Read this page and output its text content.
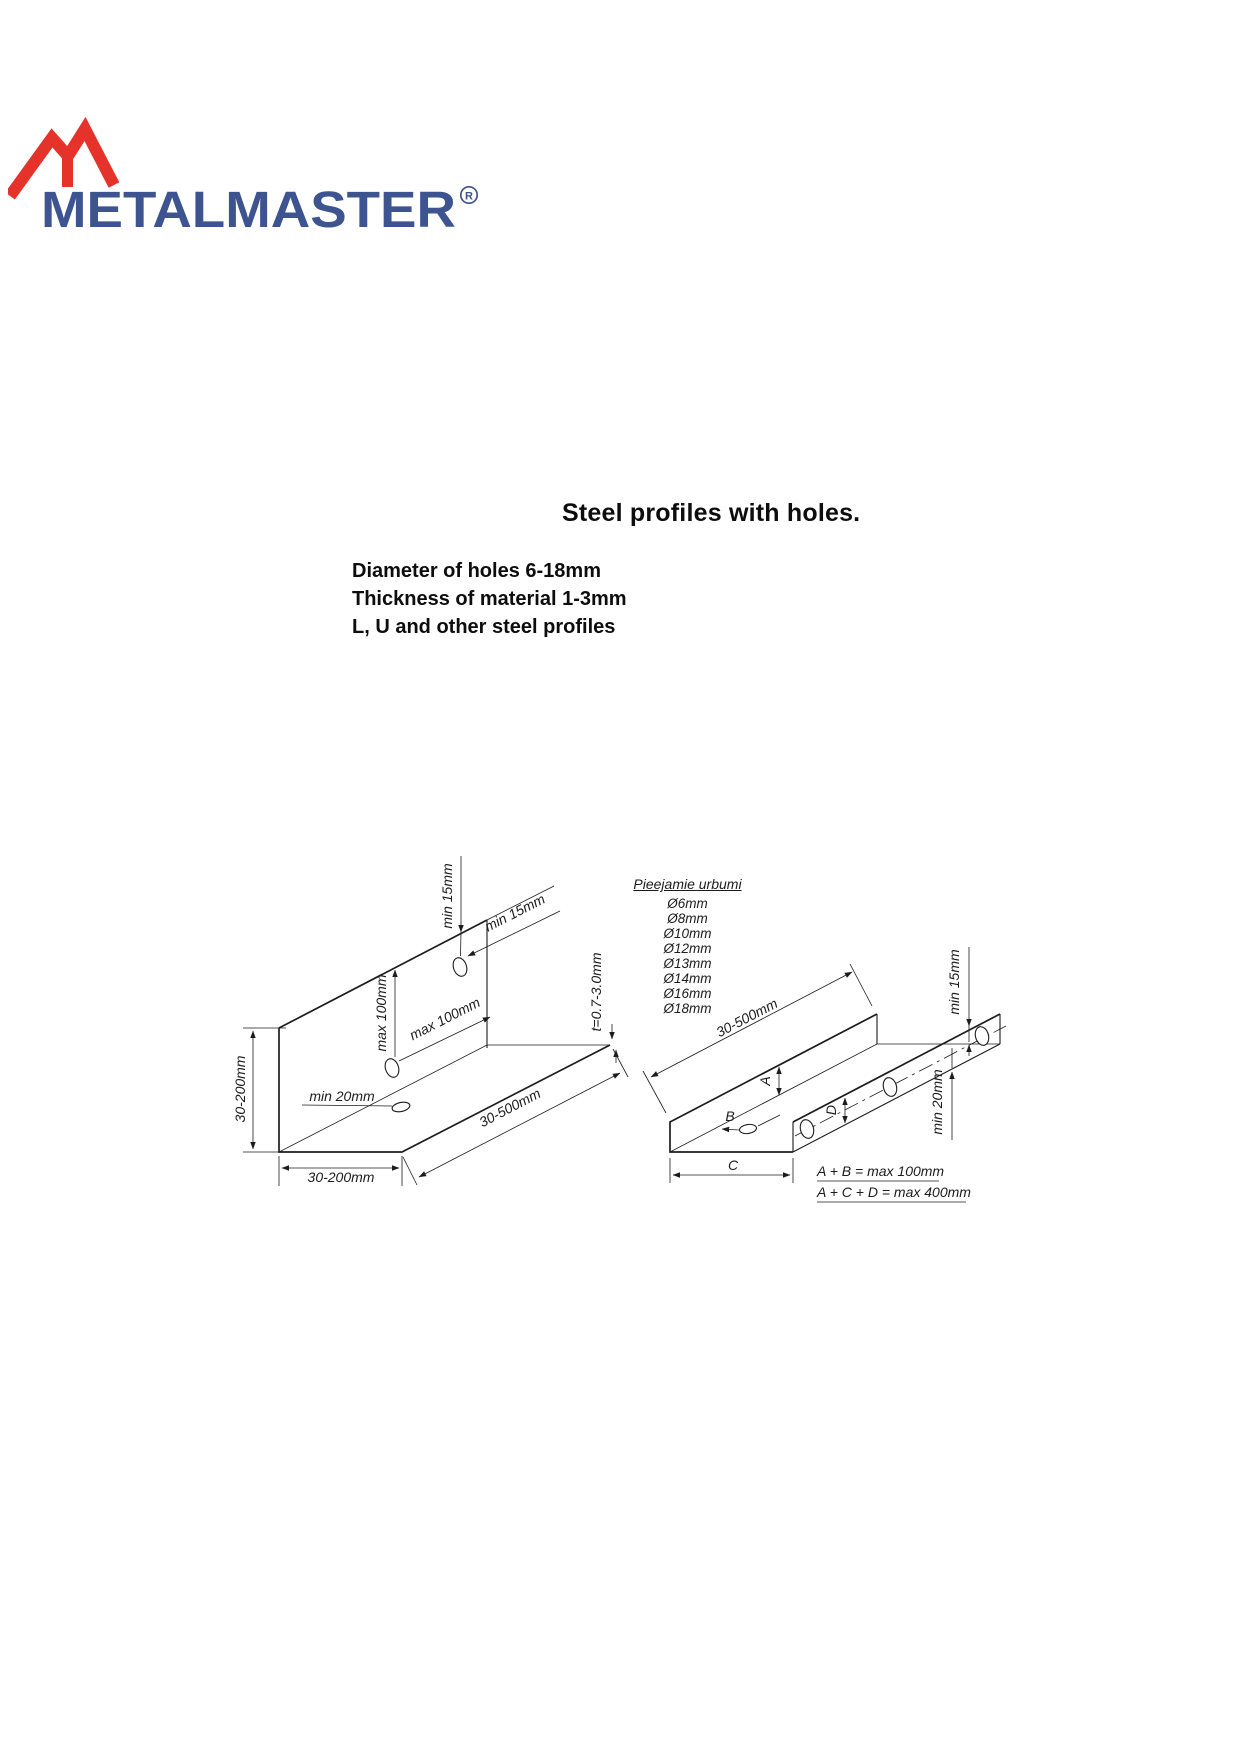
METALMASTER R
Steel profiles with holes.
Diameter of holes 6-18mm
Thickness of material 1-3mm
L, U and other steel profiles
Pieejamie urbumi
Ø6mm
Ø8mm
Ø10mm
Ø12mm
Ø13mm
Ø14mm
Ø16mm
Ø18mm
30-200mm
30-200mm
min 15mm min 15mm
max 100mm max 100mm
min 20mm	30-500mm
t=0.7-3.0mm	30-500mm
A
B	D
min 15mm
min 20mm
C	A + B = max 100mm
A + C + D = max 400mm
